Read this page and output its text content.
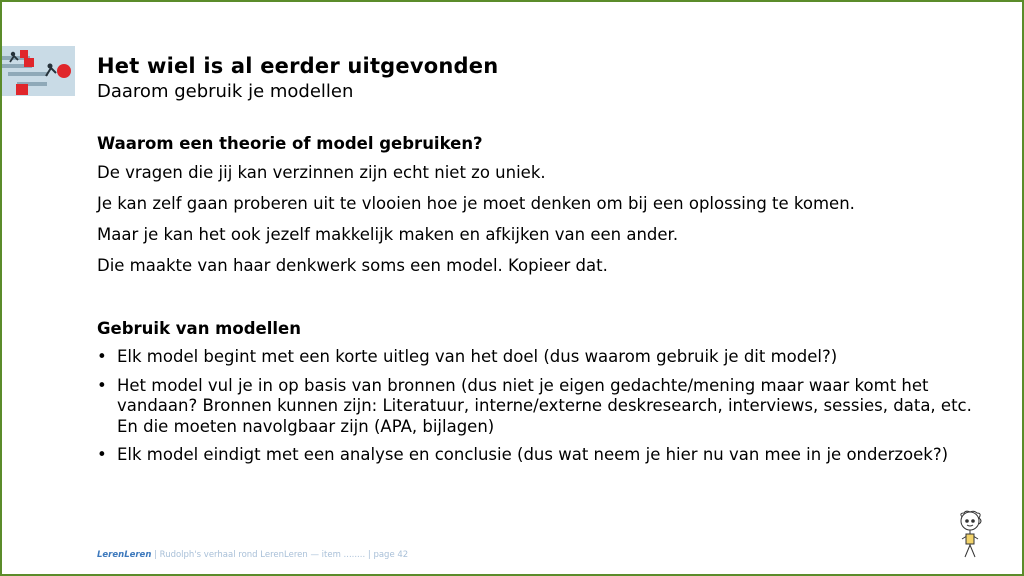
Het wiel is al eerder uitgevonden
Daarom gebruik je modellen
Waarom een theorie of model gebruiken?
De vragen die jij kan verzinnen zijn echt niet zo uniek.
Je kan zelf gaan proberen uit te vlooien hoe je moet denken om bij een oplossing te komen.
Maar je kan het ook jezelf makkelijk maken en afkijken van een ander.
Die maakte van haar denkwerk soms een model. Kopieer dat.
Gebruik van modellen
• Elk model begint met een korte uitleg van het doel (dus waarom gebruik je dit model?)
• Het model vul je in op basis van bronnen (dus niet je eigen gedachte/mening maar waar komt het vandaan? Bronnen kunnen zijn: Literatuur, interne/externe deskresearch, interviews, sessies, data, etc. En die moeten navolgbaar zijn (APA, bijlagen)
• Elk model eindigt met een analyse en conclusie (dus wat neem je hier nu van mee in je onderzoek?)
LerenLeren | Rudolph's verhaal rond LerenLeren — item ........ | page 42
